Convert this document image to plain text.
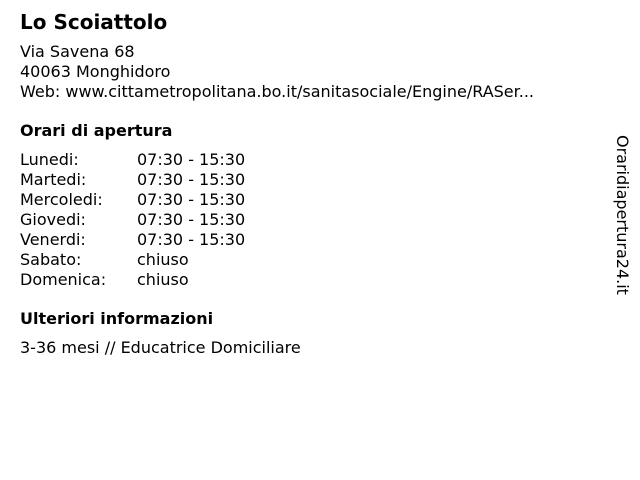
Lo Scoiattolo
Via Savena 68
40063 Monghidoro
Web: www.cittametropolitana.bo.it/sanitasociale/Engine/RASer...
Orari di apertura
Lunedi:	07:30 - 15:30
Martedi:	07:30 - 15:30
Mercoledi:	07:30 - 15:30
Giovedi:	07:30 - 15:30
Venerdi:	07:30 - 15:30
Sabato:	chiuso
Domenica:	chiuso
Ulteriori informazioni
3-36 mesi // Educatrice Domiciliare
Oraridiapertura24.it
